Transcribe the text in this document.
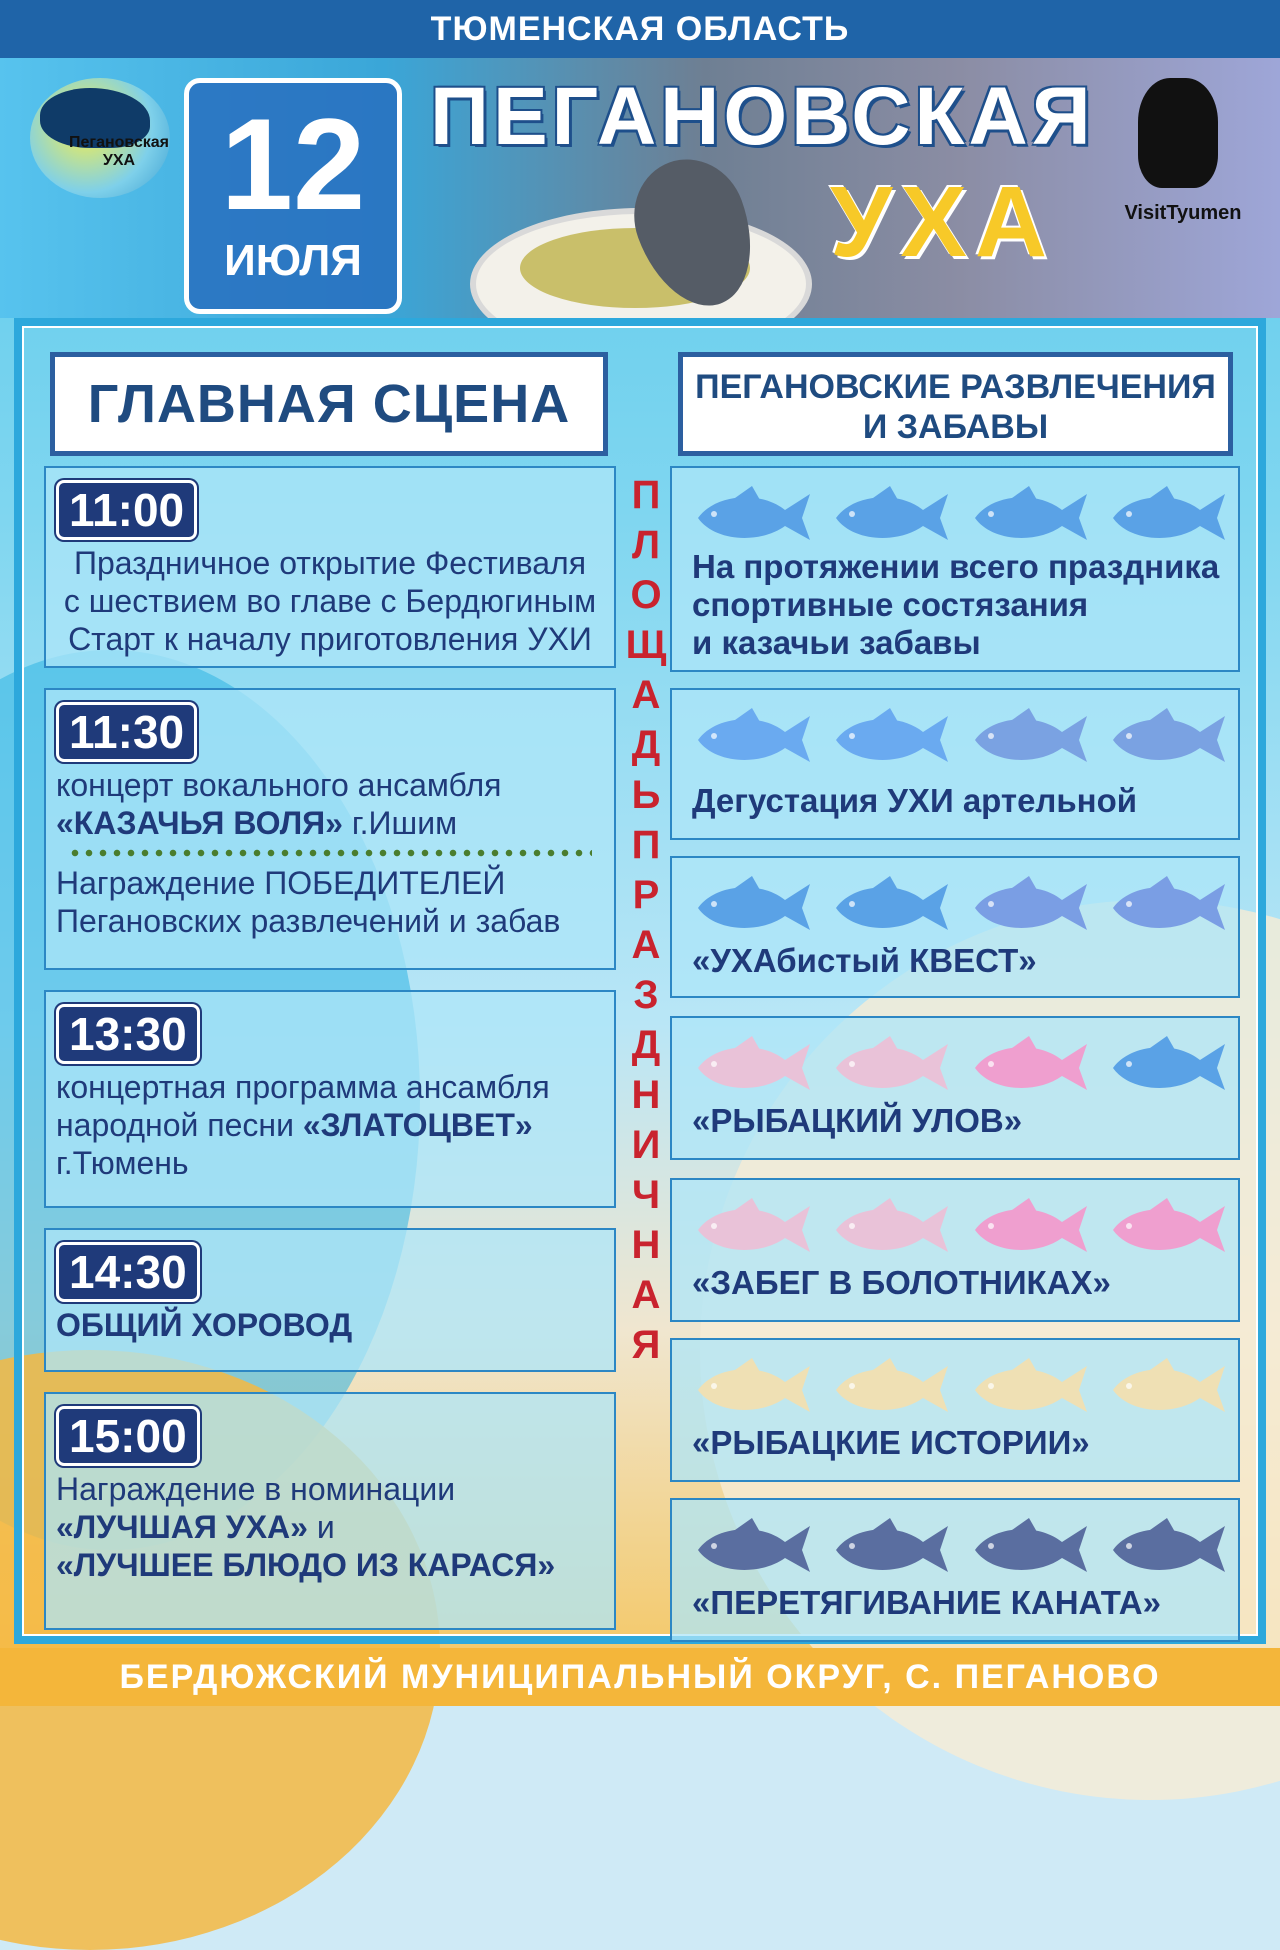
ТЮМЕНСКАЯ ОБЛАСТЬ
Пегановская УХА 12
ИЮЛЯ
ПЕГАНОВСКАЯ
УХА	VisitTyumen
ГЛАВНАЯ СЦЕНА	ПЕГАНОВСКИЕ РАЗВЛЕЧЕНИЯ
И ЗАБАВЫ
11:00
Праздничное открытие Фестиваля
с шествием во главе с Бердюгиным
Старт к началу приготовления УХИ
11:30
концерт вокального ансамбля
«КАЗАЧЬЯ ВОЛЯ» г.Ишим
Награждение ПОБЕДИТЕЛЕЙ
Пегановских развлечений и забав
13:30
концертная программа ансамбля
народной песни «ЗЛАТОЦВЕТ»
г.Тюмень
14:30
ОБЩИЙ ХОРОВОД
15:00
Награждение в номинации
«ЛУЧШАЯ УХА» и
«ЛУЧШЕЕ БЛЮДО ИЗ КАРАСЯ»
П
Л
О
Щ
А
Д
Ь
П
Р
А
З
Д
Н
И
Ч
Н
А
Я
На протяжении всего праздника
спортивные состязания
и казачьи забавы
Дегустация УХИ артельной
«УХАбистый КВЕСТ»
«РЫБАЦКИЙ УЛОВ»
«ЗАБЕГ В БОЛОТНИКАХ»
«РЫБАЦКИЕ ИСТОРИИ»
«ПЕРЕТЯГИВАНИЕ КАНАТА»
БЕРДЮЖСКИЙ МУНИЦИПАЛЬНЫЙ ОКРУГ, С. ПЕГАНОВО
